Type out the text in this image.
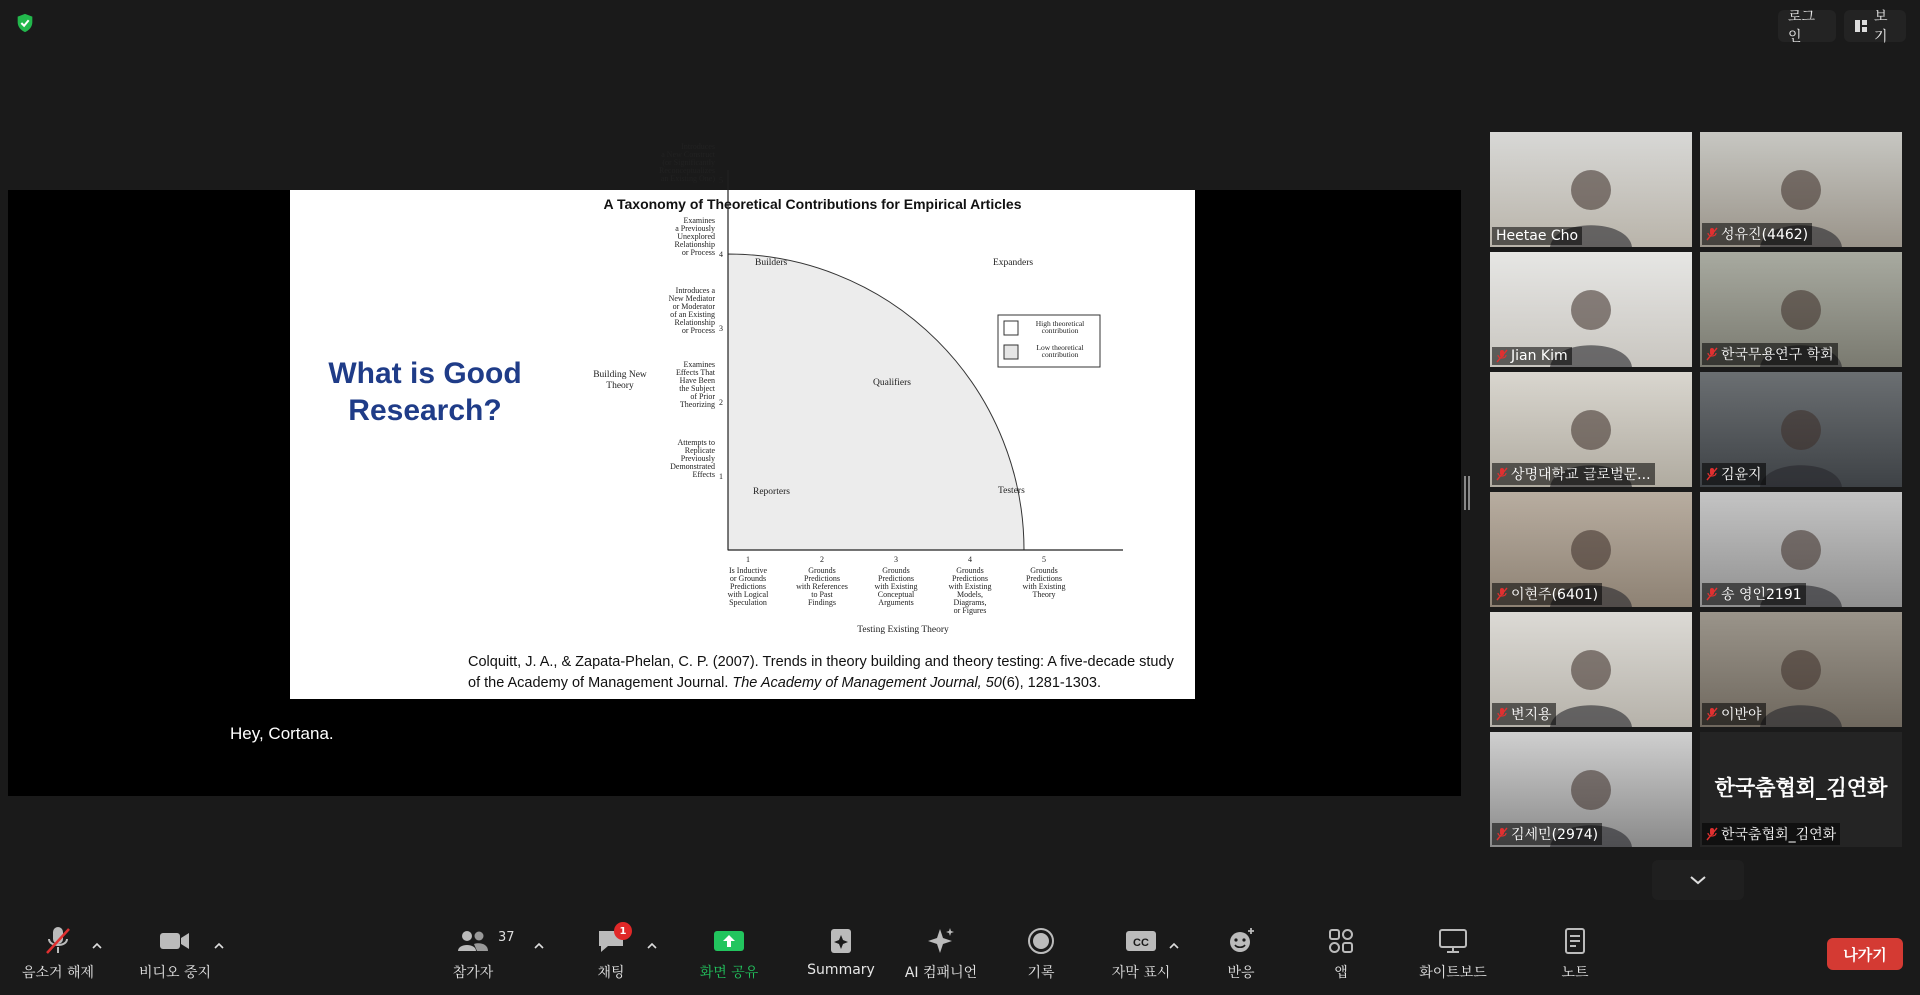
로그인
보기
A Taxonomy of Theoretical Contributions for Empirical Articles
What is Good
Research?
1
Attempts to
Replicate
Previously
Demonstrated
Effects
2
Examines
Effects That
Have Been
the Subject
of Prior
Theorizing
3
Introduces a
New Mediator
or Moderator
of an Existing
Relationship
or Process
4
Examines
a Previously
Unexplored
Relationship
or Process
5
Introduces
a New Construct
(or Significantly
Reconceptualizes
an Existing One)
1
Is Inductive
or Grounds
Predictions
with Logical
Speculation
2
Grounds
Predictions
with References
to Past
Findings
3
Grounds
Predictions
with Existing
Conceptual
Arguments
4
Grounds
Predictions
with Existing
Models,
Diagrams,
or Figures
5
Grounds
Predictions
with Existing
Theory
Testing Existing Theory
Building New
Theory
Builders	Expanders
Qualifiers
Reporters	Testers
High theoretical
contribution
Low theoretical
contribution
Colquitt, J. A., & Zapata-Phelan, C. P. (2007). Trends in theory building and theory testing: A five-decade study of the Academy of Management Journal. The Academy of Management Journal, 50(6), 1281-1303.
Hey, Cortana.
Heetae Cho	성유진(4462)
Jian Kim	한국무용연구 학회
상명대학교 글로벌문...	김윤지
이현주(6401)	송 영인2191
변지용	이반야
김세민(2974)
한국춤협회_김연화
한국춤협회_김연화
음소거 해제	비디오 중지
37
참가자
1
채팅	화면 공유	Summary AI 컴패니언	기록
CC
자막 표시	반응	앱	화이트보드	노트
나가기
